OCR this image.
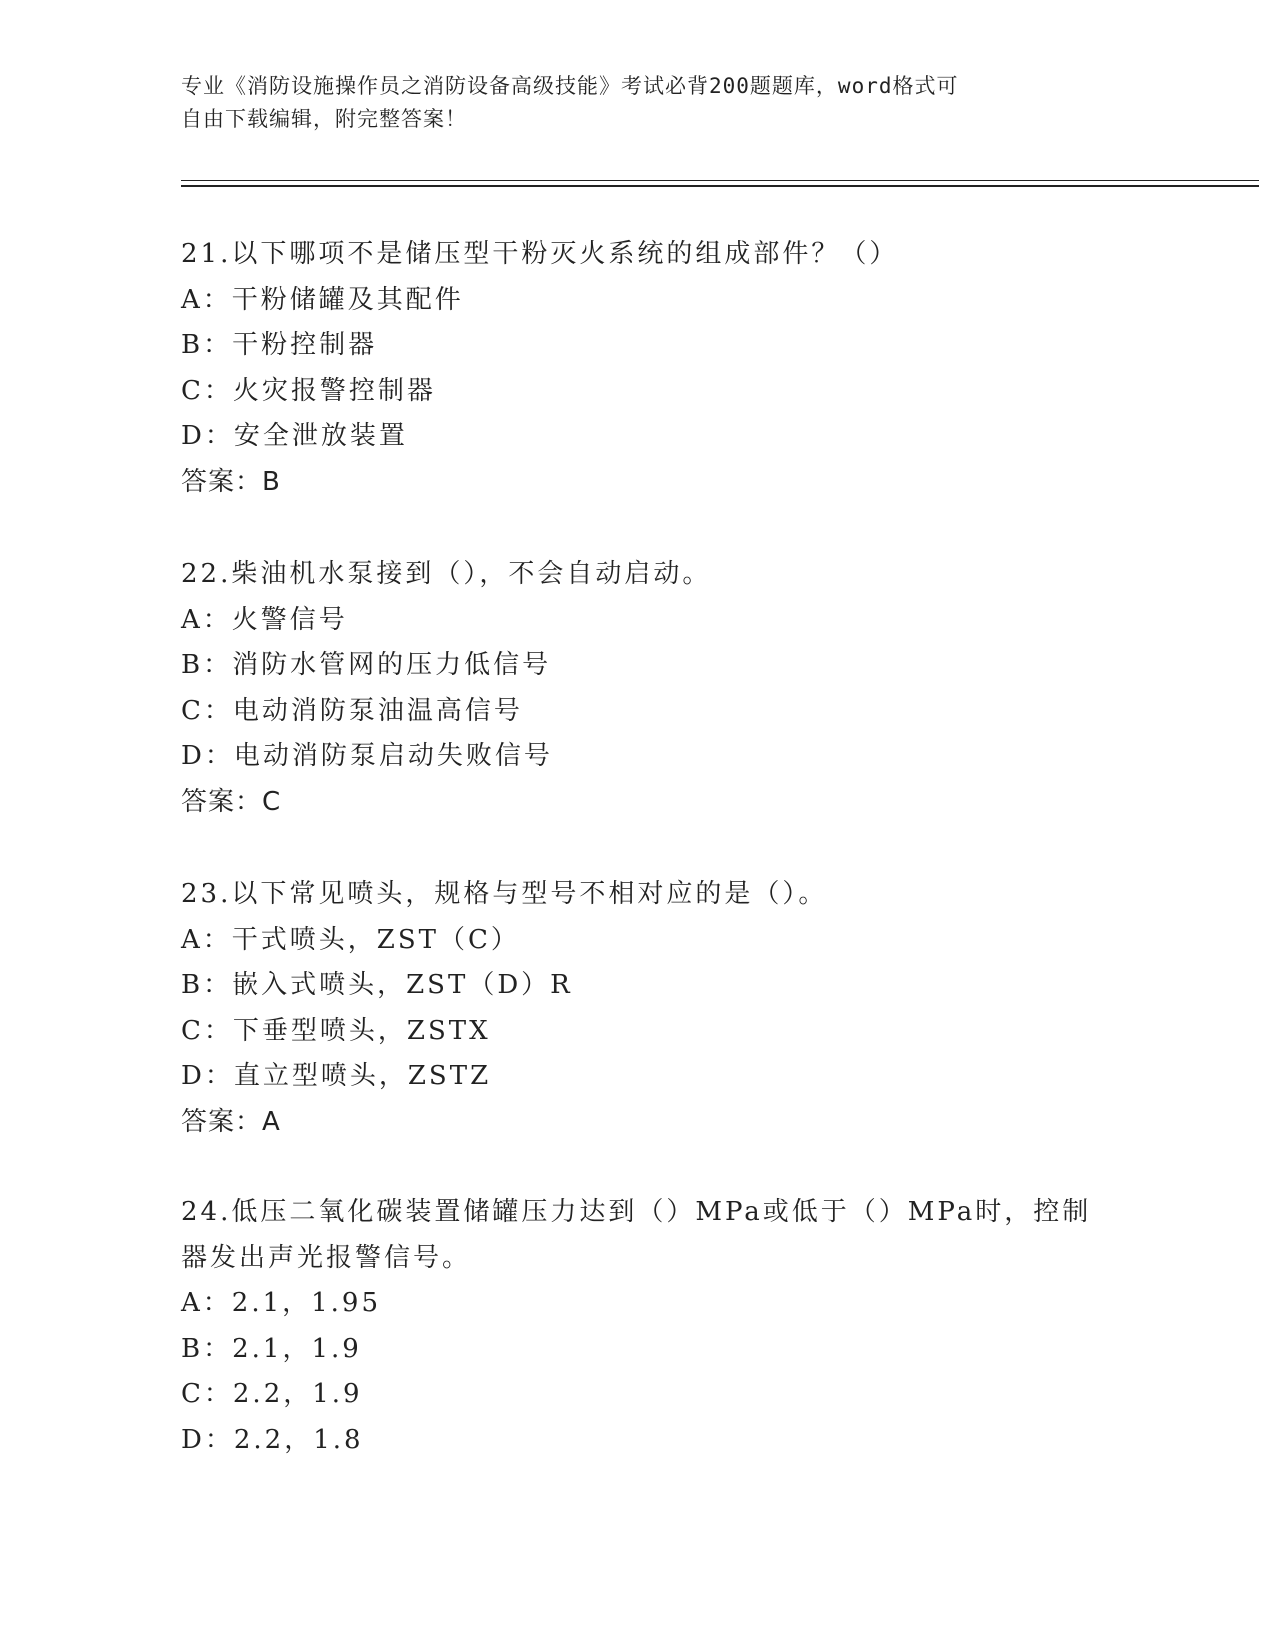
专业《消防设施操作员之消防设备高级技能》考试必背200题题库，word格式可

自由下载编辑，附完整答案！

21.以下哪项不是储压型干粉灭火系统的组成部件？（）
A：干粉储罐及其配件
B：干粉控制器
C：火灾报警控制器
D：安全泄放装置
答案：B
22.柴油机水泵接到（），不会自动启动。
A：火警信号
B：消防水管网的压力低信号
C：电动消防泵油温高信号
D：电动消防泵启动失败信号
答案：C
23.以下常见喷头，规格与型号不相对应的是（）。
A：干式喷头，ZST（C）
B：嵌入式喷头，ZST（D）R
C：下垂型喷头，ZSTX
D：直立型喷头，ZSTZ
答案：A
24.低压二氧化碳装置储罐压力达到（）MPa或低于（）MPa时，控制
器发出声光报警信号。
A：2.1，1.95
B：2.1，1.9
C：2.2，1.9
D：2.2，1.8
